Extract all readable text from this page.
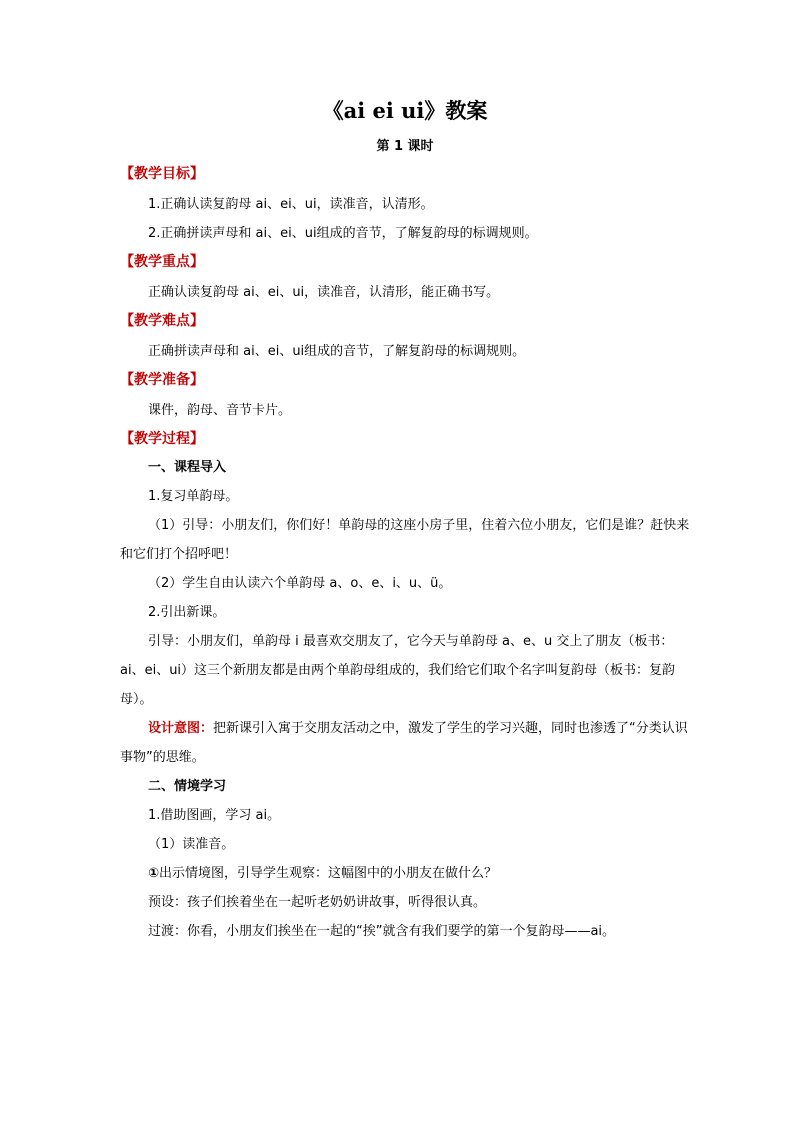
《ai ei ui》教案
第 1 课时

【教学目标】

1.正确认读复韵母 ai、ei、ui，读准音，认清形。

2.正确拼读声母和 ai、ei、ui组成的音节，了解复韵母的标调规则。

【教学重点】

正确认读复韵母 ai、ei、ui，读准音，认清形，能正确书写。

【教学难点】

正确拼读声母和 ai、ei、ui组成的音节，了解复韵母的标调规则。

【教学准备】

课件，韵母、音节卡片。

【教学过程】

一、课程导入

1.复习单韵母。

（1）引导：小朋友们，你们好！单韵母的这座小房子里，住着六位小朋友，它们是谁？赶快来和它们打个招呼吧！

（2）学生自由认读六个单韵母 a、o、e、i、u、ü。

2.引出新课。

引导：小朋友们，单韵母 i 最喜欢交朋友了，它今天与单韵母 a、e、u 交上了朋友（板书：ai、ei、ui）这三个新朋友都是由两个单韵母组成的，我们给它们取个名字叫复韵母（板书：复韵母）。

设计意图：把新课引入寓于交朋友活动之中，激发了学生的学习兴趣，同时也渗透了“分类认识事物”的思维。

二、情境学习

1.借助图画，学习 ai。

（1）读准音。

①出示情境图，引导学生观察：这幅图中的小朋友在做什么？

预设：孩子们挨着坐在一起听老奶奶讲故事，听得很认真。

过渡：你看，小朋友们挨坐在一起的“挨”就含有我们要学的第一个复韵母——ai。
